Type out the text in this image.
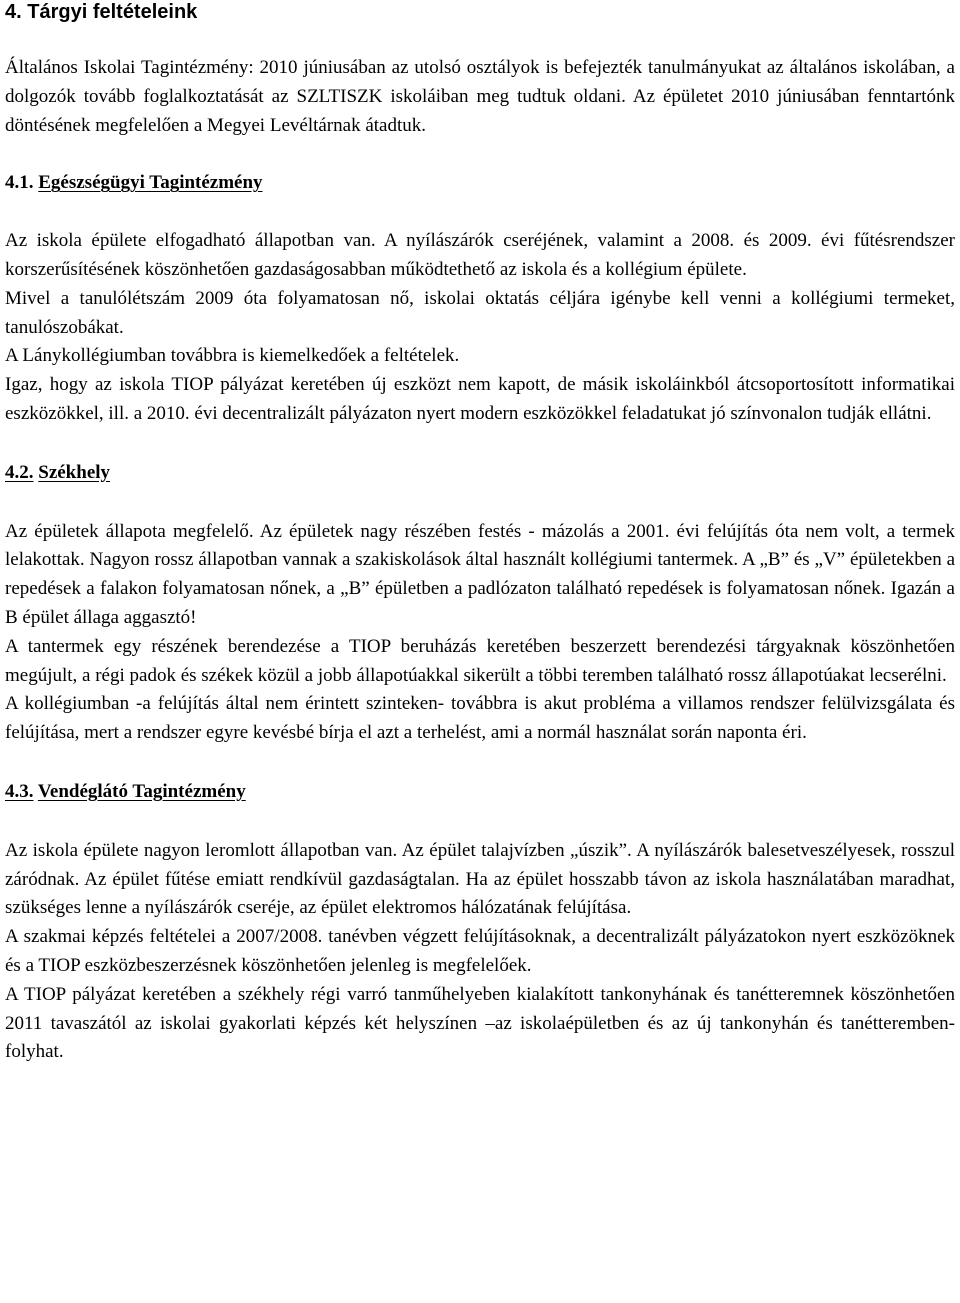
4. Tárgyi feltételeink

Általános Iskolai Tagintézmény: 2010 júniusában az utolsó osztályok is befejezték tanulmányukat az általános iskolában, a dolgozók tovább foglalkoztatását az SZLTISZK iskoláiban meg tudtuk oldani. Az épületet 2010 júniusában fenntartónk döntésének megfelelően a Megyei Levéltárnak átadtuk.

4.1. Egészségügyi Tagintézmény

Az iskola épülete elfogadható állapotban van. A nyílászárók cseréjének, valamint a 2008. és 2009. évi fűtésrendszer korszerűsítésének köszönhetően gazdaságosabban működtethető az iskola és a kollégium épülete.

Mivel a tanulólétszám 2009 óta folyamatosan nő, iskolai oktatás céljára igénybe kell venni a kollégiumi termeket, tanulószobákat.

A Lánykollégiumban továbbra is kiemelkedőek a feltételek.

Igaz, hogy az iskola TIOP pályázat keretében új eszközt nem kapott, de másik iskoláinkból átcsoportosított informatikai eszközökkel, ill. a 2010. évi decentralizált pályázaton nyert modern eszközökkel feladatukat jó színvonalon tudják ellátni.

4.2. Székhely

Az épületek állapota megfelelő. Az épületek nagy részében festés - mázolás a 2001. évi felújítás óta nem volt, a termek lelakottak. Nagyon rossz állapotban vannak a szakiskolások által használt kollégiumi tantermek. A „B” és „V” épületekben a repedések a falakon folyamatosan nőnek, a „B” épületben a padlózaton található repedések is folyamatosan nőnek. Igazán a B épület állaga aggasztó!

A tantermek egy részének berendezése a TIOP beruházás keretében beszerzett berendezési tárgyaknak köszönhetően megújult, a régi padok és székek közül a jobb állapotúakkal sikerült a többi teremben található rossz állapotúakat lecserélni.

A kollégiumban -a felújítás által nem érintett szinteken- továbbra is akut probléma a villamos rendszer felülvizsgálata és felújítása, mert a rendszer egyre kevésbé bírja el azt a terhelést, ami a normál használat során naponta éri.

4.3. Vendéglátó Tagintézmény

Az iskola épülete nagyon leromlott állapotban van. Az épület talajvízben „úszik”. A nyílászárók balesetveszélyesek, rosszul záródnak. Az épület fűtése emiatt rendkívül gazdaságtalan. Ha az épület hosszabb távon az iskola használatában maradhat, szükséges lenne a nyílászárók cseréje, az épület elektromos hálózatának felújítása.

A szakmai képzés feltételei a 2007/2008. tanévben végzett felújításoknak, a decentralizált pályázatokon nyert eszközöknek és a TIOP eszközbeszerzésnek köszönhetően jelenleg is megfelelőek.

A TIOP pályázat keretében a székhely régi varró tanműhelyeben kialakított tankonyhának és tanétteremnek köszönhetően 2011 tavaszától az iskolai gyakorlati képzés két helyszínen –az iskolaépületben és az új tankonyhán és tanétteremben- folyhat.
